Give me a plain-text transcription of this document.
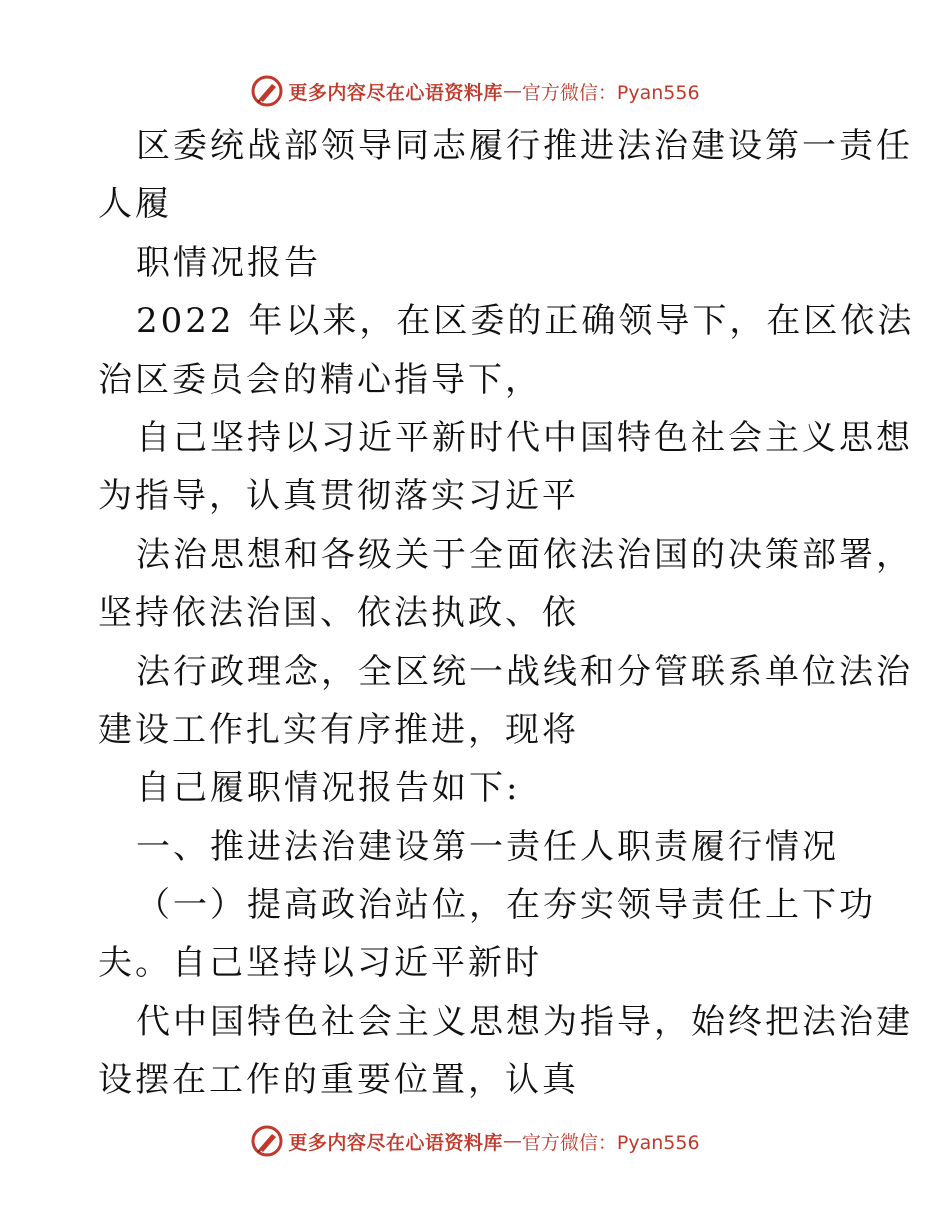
更多内容尽在心语资料库 — 官方微信：Pyan556
区委统战部领导同志履行推进法治建设第一责任
人履
职情况报告
2022 年以来，在区委的正确领导下，在区依法
治区委员会的精心指导下，
自己坚持以习近平新时代中国特色社会主义思想
为指导，认真贯彻落实习近平
法治思想和各级关于全面依法治国的决策部署，
坚持依法治国、依法执政、依
法行政理念，全区统一战线和分管联系单位法治
建设工作扎实有序推进，现将
自己履职情况报告如下:
一、推进法治建设第一责任人职责履行情况
（一）提高政治站位，在夯实领导责任上下功
夫。自己坚持以习近平新时
代中国特色社会主义思想为指导，始终把法治建
设摆在工作的重要位置，认真
更多内容尽在心语资料库 — 官方微信：Pyan556
